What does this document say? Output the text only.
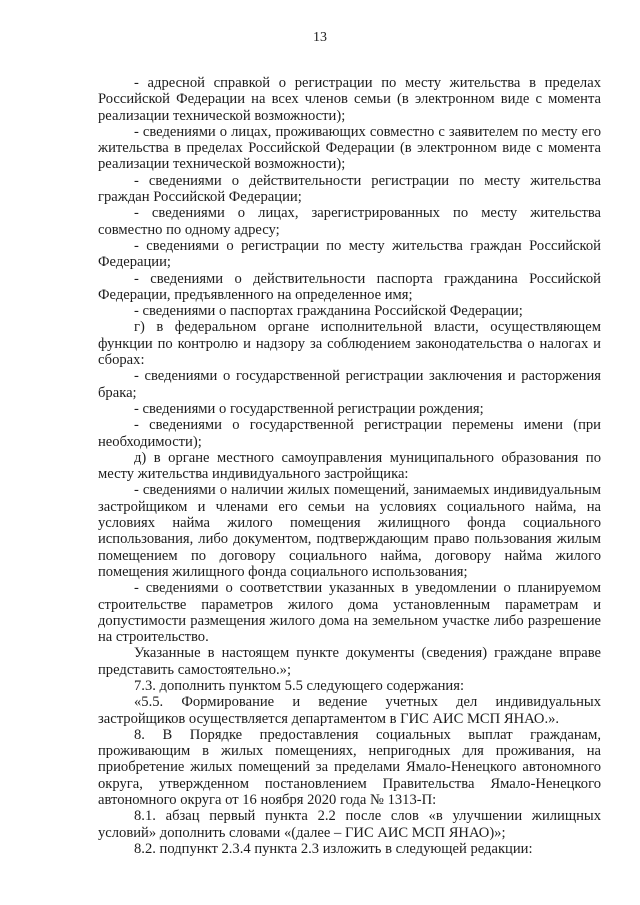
13

- адресной справкой о регистрации по месту жительства в пределах Российской Федерации на всех членов семьи (в электронном виде с момента реализации технической возможности);

- сведениями о лицах, проживающих совместно с заявителем по месту его жительства в пределах Российской Федерации (в электронном виде с момента реализации технической возможности);

- сведениями о действительности регистрации по месту жительства граждан Российской Федерации;

- сведениями о лицах, зарегистрированных по месту жительства совместно по одному адресу;

- сведениями о регистрации по месту жительства граждан Российской Федерации;

- сведениями о действительности паспорта гражданина Российской Федерации, предъявленного на определенное имя;

- сведениями о паспортах гражданина Российской Федерации;

г) в федеральном органе исполнительной власти, осуществляющем функции по контролю и надзору за соблюдением законодательства о налогах и сборах:

- сведениями о государственной регистрации заключения и расторжения брака;

- сведениями о государственной регистрации рождения;

- сведениями о государственной регистрации перемены имени (при необходимости);

д) в органе местного самоуправления муниципального образования по месту жительства индивидуального застройщика:

- сведениями о наличии жилых помещений, занимаемых индивидуальным застройщиком и членами его семьи на условиях социального найма, на условиях найма жилого помещения жилищного фонда социального использования, либо документом, подтверждающим право пользования жилым помещением по договору социального найма, договору найма жилого помещения жилищного фонда социального использования;

- сведениями о соответствии указанных в уведомлении о планируемом строительстве параметров жилого дома установленным параметрам и допустимости размещения жилого дома на земельном участке либо разрешение на строительство.

Указанные в настоящем пункте документы (сведения) граждане вправе представить самостоятельно.»;

7.3. дополнить пунктом 5.5 следующего содержания:

«5.5. Формирование и ведение учетных дел индивидуальных застройщиков осуществляется департаментом в ГИС АИС МСП ЯНАО.».

8. В Порядке предоставления социальных выплат гражданам, проживающим в жилых помещениях, непригодных для проживания, на приобретение жилых помещений за пределами Ямало-Ненецкого автономного округа, утвержденном постановлением Правительства Ямало-Ненецкого автономного округа от 16 ноября 2020 года № 1313-П:

8.1. абзац первый пункта 2.2 после слов «в улучшении жилищных условий» дополнить словами «(далее – ГИС АИС МСП ЯНАО)»;

8.2. подпункт 2.3.4 пункта 2.3 изложить в следующей редакции:
